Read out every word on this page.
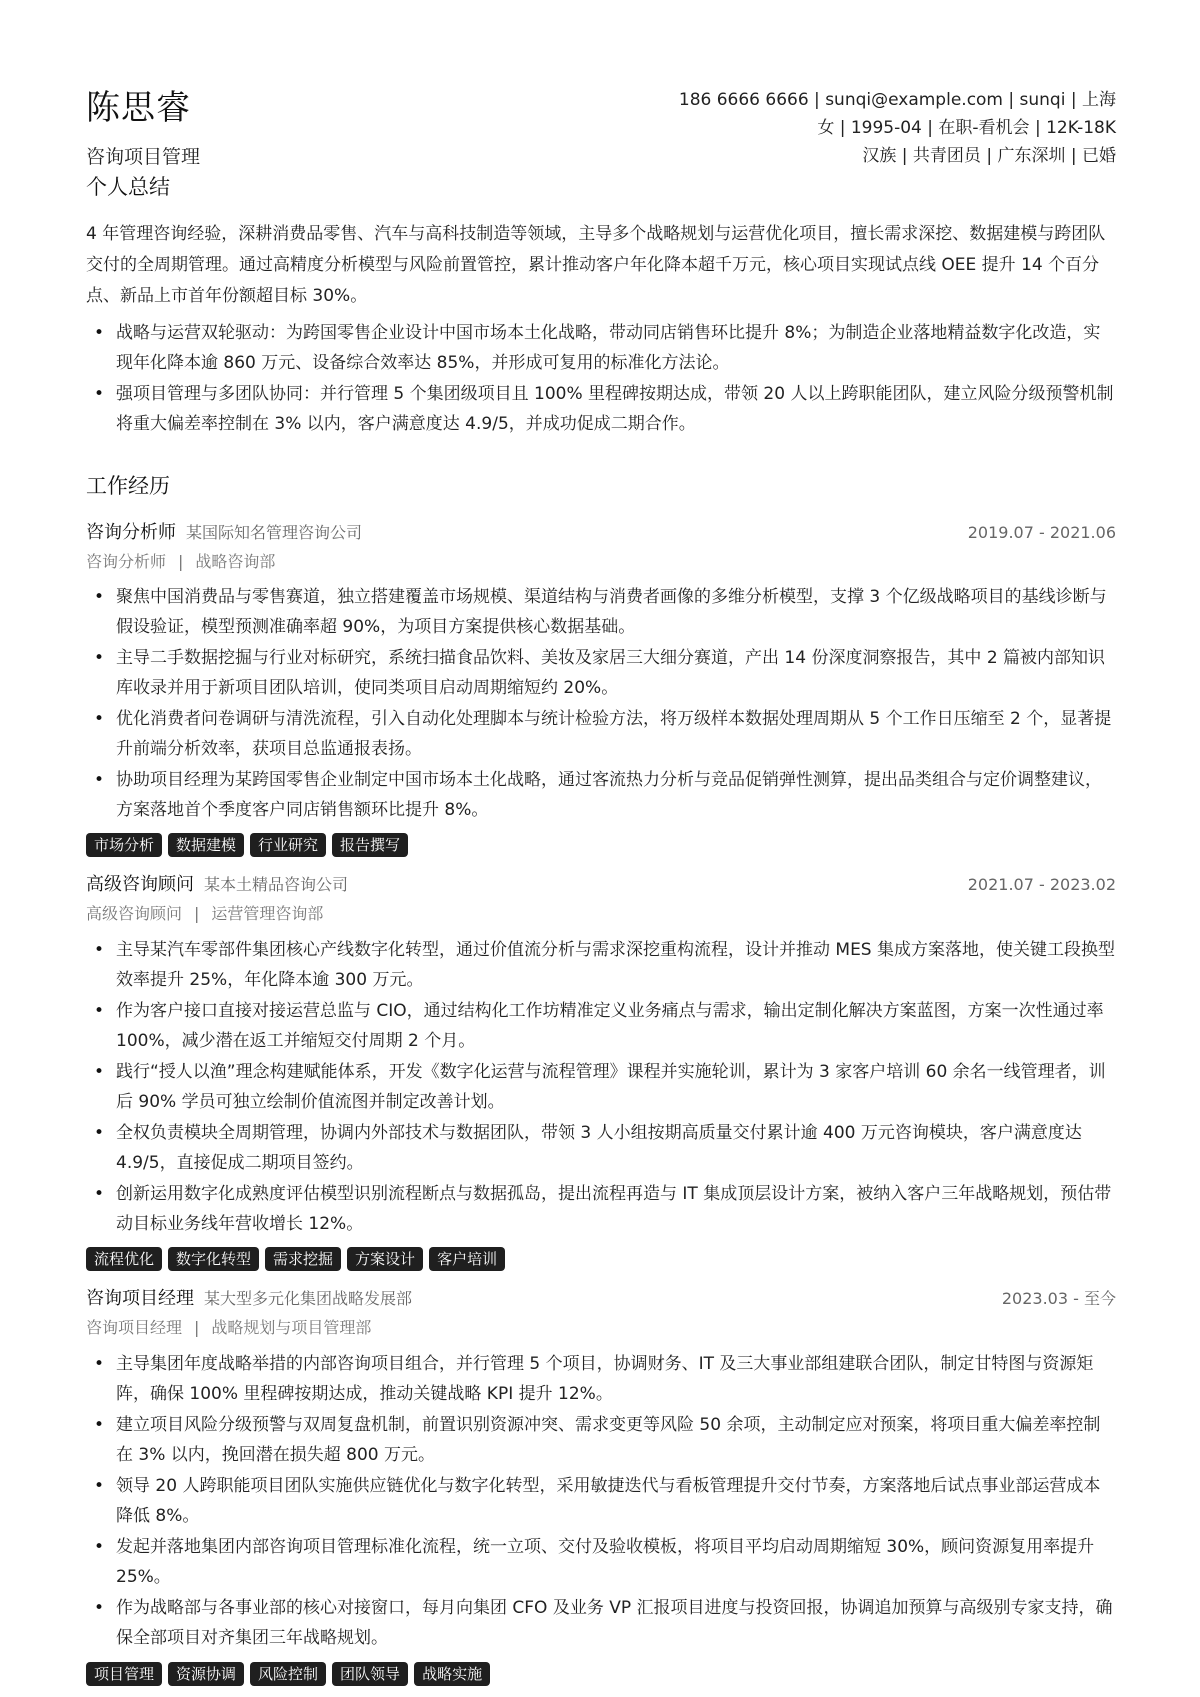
陈思睿
咨询项目管理
186 6666 6666 | sunqi@example.com | sunqi | 上海
女 | 1995-04 | 在职-看机会 | 12K-18K
汉族 | 共青团员 | 广东深圳 | 已婚
个人总结
4 年管理咨询经验，深耕消费品零售、汽车与高科技制造等领域，主导多个战略规划与运营优化项目，擅长需求深挖、数据建模与跨团队交付的全周期管理。通过高精度分析模型与风险前置管控，累计推动客户年化降本超千万元，核心项目实现试点线 OEE 提升 14 个百分点、新品上市首年份额超目标 30%。
• 战略与运营双轮驱动：为跨国零售企业设计中国市场本土化战略，带动同店销售环比提升 8%；为制造企业落地精益数字化改造，实现年化降本逾 860 万元、设备综合效率达 85%，并形成可复用的标准化方法论。
• 强项目管理与多团队协同：并行管理 5 个集团级项目且 100% 里程碑按期达成，带领 20 人以上跨职能团队，建立风险分级预警机制将重大偏差率控制在 3% 以内，客户满意度达 4.9/5，并成功促成二期合作。
工作经历
咨询分析师 某国际知名管理咨询公司	2019.07 - 2021.06
咨询分析师 | 战略咨询部
• 聚焦中国消费品与零售赛道，独立搭建覆盖市场规模、渠道结构与消费者画像的多维分析模型，支撑 3 个亿级战略项目的基线诊断与假设验证，模型预测准确率超 90%，为项目方案提供核心数据基础。
• 主导二手数据挖掘与行业对标研究，系统扫描食品饮料、美妆及家居三大细分赛道，产出 14 份深度洞察报告，其中 2 篇被内部知识库收录并用于新项目团队培训，使同类项目启动周期缩短约 20%。
• 优化消费者问卷调研与清洗流程，引入自动化处理脚本与统计检验方法，将万级样本数据处理周期从 5 个工作日压缩至 2 个，显著提升前端分析效率，获项目总监通报表扬。
• 协助项目经理为某跨国零售企业制定中国市场本土化战略，通过客流热力分析与竞品促销弹性测算，提出品类组合与定价调整建议，方案落地首个季度客户同店销售额环比提升 8%。
市场分析	数据建模	行业研究	报告撰写
高级咨询顾问 某本土精品咨询公司	2021.07 - 2023.02
高级咨询顾问 | 运营管理咨询部
• 主导某汽车零部件集团核心产线数字化转型，通过价值流分析与需求深挖重构流程，设计并推动 MES 集成方案落地，使关键工段换型效率提升 25%，年化降本逾 300 万元。
• 作为客户接口直接对接运营总监与 CIO，通过结构化工作坊精准定义业务痛点与需求，输出定制化解决方案蓝图，方案一次性通过率 100%，减少潜在返工并缩短交付周期 2 个月。
• 践行“授人以渔”理念构建赋能体系，开发《数字化运营与流程管理》课程并实施轮训，累计为 3 家客户培训 60 余名一线管理者，训后 90% 学员可独立绘制价值流图并制定改善计划。
• 全权负责模块全周期管理，协调内外部技术与数据团队，带领 3 人小组按期高质量交付累计逾 400 万元咨询模块，客户满意度达 4.9/5，直接促成二期项目签约。
• 创新运用数字化成熟度评估模型识别流程断点与数据孤岛，提出流程再造与 IT 集成顶层设计方案，被纳入客户三年战略规划，预估带动目标业务线年营收增长 12%。
流程优化	数字化转型	需求挖掘	方案设计	客户培训
咨询项目经理 某大型多元化集团战略发展部	2023.03 - 至今
咨询项目经理 | 战略规划与项目管理部
• 主导集团年度战略举措的内部咨询项目组合，并行管理 5 个项目，协调财务、IT 及三大事业部组建联合团队，制定甘特图与资源矩阵，确保 100% 里程碑按期达成，推动关键战略 KPI 提升 12%。
• 建立项目风险分级预警与双周复盘机制，前置识别资源冲突、需求变更等风险 50 余项，主动制定应对预案，将项目重大偏差率控制在 3% 以内，挽回潜在损失超 800 万元。
• 领导 20 人跨职能项目团队实施供应链优化与数字化转型，采用敏捷迭代与看板管理提升交付节奏，方案落地后试点事业部运营成本降低 8%。
• 发起并落地集团内部咨询项目管理标准化流程，统一立项、交付及验收模板，将项目平均启动周期缩短 30%，顾问资源复用率提升 25%。
• 作为战略部与各事业部的核心对接窗口，每月向集团 CFO 及业务 VP 汇报项目进度与投资回报，协调追加预算与高级别专家支持，确保全部项目对齐集团三年战略规划。
项目管理	资源协调	风险控制	团队领导	战略实施
